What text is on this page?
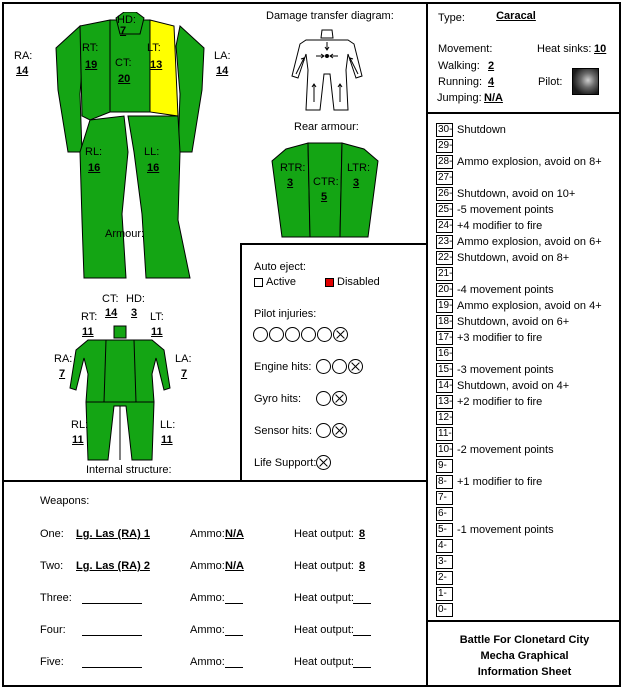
HD:
7
RT:
19 CT:
20
LT:
13
RA:
14
LA:
14
RL:
16
LL:
16
Armour:
Damage transfer diagram:
Rear armour:
RTR:
3 CTR:
5
LTR:
3
CT:
14
HD:
3
RT:
11
LT:
11
RA:
7
LA:
7
RL:
11
LL:
11
Internal structure:
Auto eject:
Active	Disabled
Pilot injuries:
Engine hits:
Gyro hits:
Sensor hits:
Life Support:
Type:	Caracal
Movement:	Heat sinks: 10
Walking: 2
Running: 4
Jumping: N/A
Pilot:
30- Shutdown
29-
28- Ammo explosion, avoid on 8+
27-
26- Shutdown, avoid on 10+
25- -5 movement points
24- +4 modifier to fire
23- Ammo explosion, avoid on 6+
22- Shutdown, avoid on 8+
21-
20- -4 movement points
19- Ammo explosion, avoid on 4+
18- Shutdown, avoid on 6+
17- +3 modifier to fire
16-
15- -3 movement points
14- Shutdown, avoid on 4+
13- +2 modifier to fire
12-
11-
10- -2 movement points
9-
8- +1 modifier to fire
7-
6-
5- -1 movement points
4-
3-
2-
1-
0-
Weapons:
One: Lg. Las (RA) 1	Ammo: N/A	Heat output: 8
Two: Lg. Las (RA) 2	Ammo: N/A	Heat output: 8
Three:	Ammo:	Heat output:
Four:	Ammo:	Heat output:
Five:	Ammo:	Heat output:
Battle For Clonetard City
Mecha Graphical
Information Sheet
